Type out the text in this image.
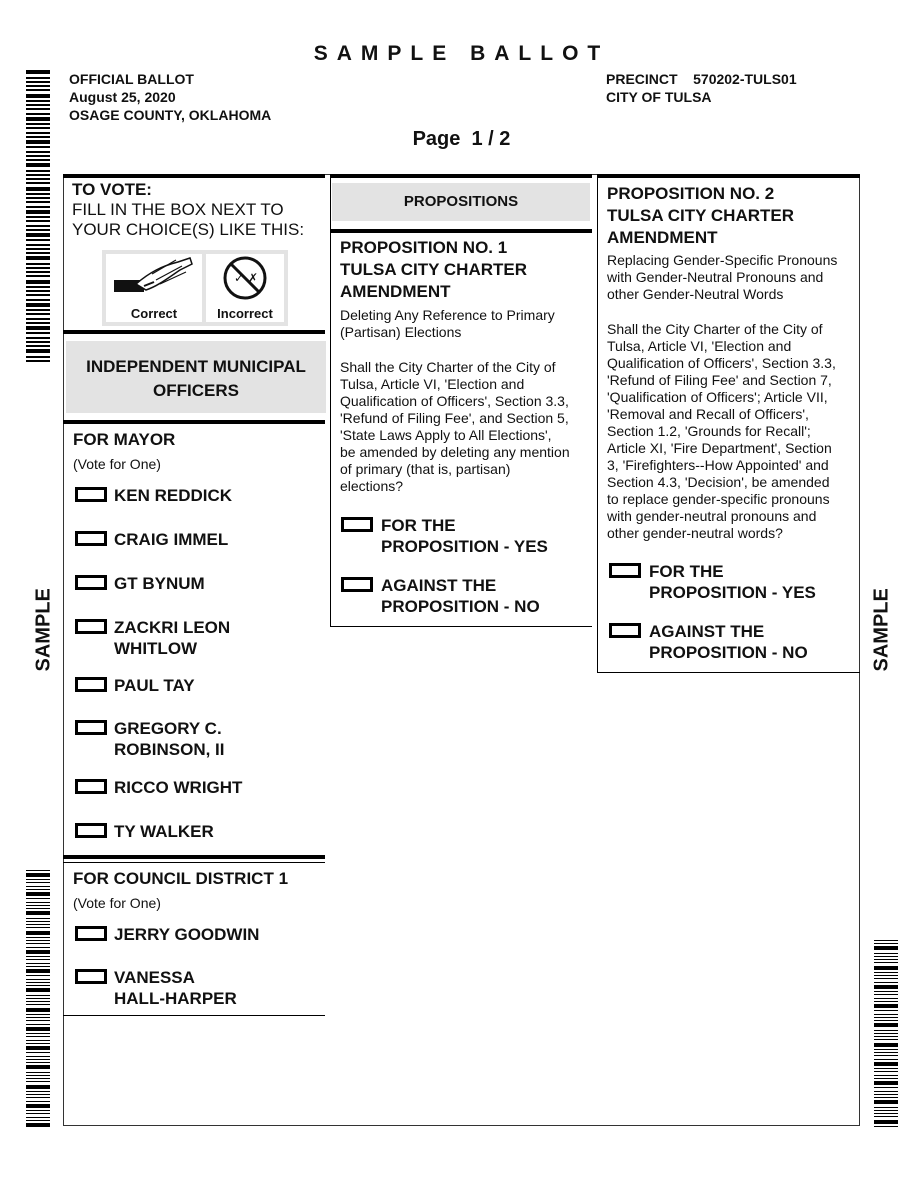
SAMPLE BALLOT
OFFICIAL BALLOT
August 25, 2020
OSAGE COUNTY, OKLAHOMA
PRECINCT    570202-TULS01
CITY OF TULSA
Page  1 / 2
SAMPLE	SAMPLE
TO VOTE:
FILL IN THE BOX NEXT TO
YOUR CHOICE(S) LIKE THIS:
Correct
✓ ✗
Incorrect
INDEPENDENT MUNICIPAL
OFFICERS
FOR MAYOR
(Vote for One)
KEN REDDICK
CRAIG IMMEL
GT BYNUM
ZACKRI LEON
WHITLOW
PAUL TAY
GREGORY C.
ROBINSON, II
RICCO WRIGHT
TY WALKER
FOR COUNCIL DISTRICT 1
(Vote for One)
JERRY GOODWIN
VANESSA
HALL-HARPER
PROPOSITIONS
PROPOSITION NO. 1
TULSA CITY CHARTER
AMENDMENT
Deleting Any Reference to Primary
(Partisan) Elections
Shall the City Charter of the City of
Tulsa, Article VI, 'Election and
Qualification of Officers', Section 3.3,
'Refund of Filing Fee', and Section 5,
'State Laws Apply to All Elections',
be amended by deleting any mention
of primary (that is, partisan)
elections?
FOR THE
PROPOSITION - YES
AGAINST THE
PROPOSITION - NO
PROPOSITION NO. 2
TULSA CITY CHARTER
AMENDMENT
Replacing Gender-Specific Pronouns
with Gender-Neutral Pronouns and
other Gender-Neutral Words
Shall the City Charter of the City of
Tulsa, Article VI, 'Election and
Qualification of Officers', Section 3.3,
'Refund of Filing Fee' and Section 7,
'Qualification of Officers'; Article VII,
'Removal and Recall of Officers',
Section 1.2, 'Grounds for Recall';
Article XI, 'Fire Department', Section
3, 'Firefighters--How Appointed' and
Section 4.3, 'Decision', be amended
to replace gender-specific pronouns
with gender-neutral pronouns and
other gender-neutral words?
FOR THE
PROPOSITION - YES
AGAINST THE
PROPOSITION - NO
